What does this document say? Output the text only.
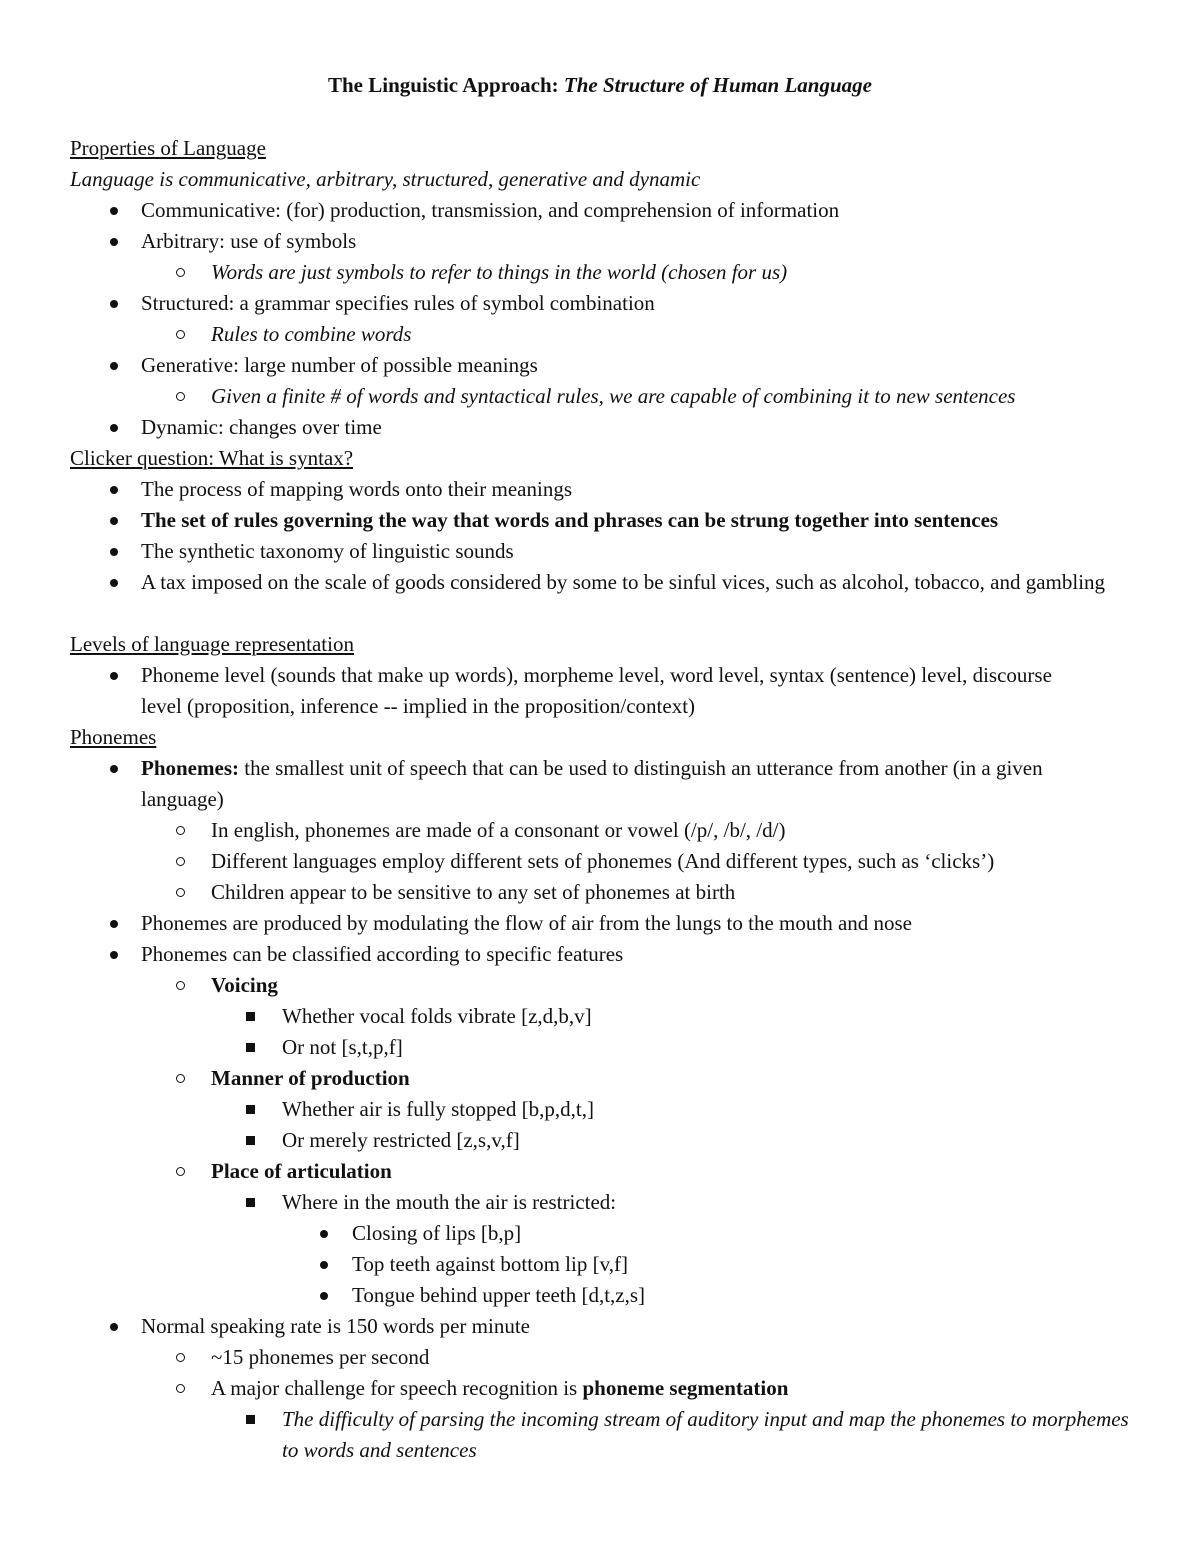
The Linguistic Approach: The Structure of Human Language
Properties of Language
Language is communicative, arbitrary, structured, generative and dynamic
Communicative: (for) production, transmission, and comprehension of information
Arbitrary: use of symbols
Words are just symbols to refer to things in the world (chosen for us)
Structured: a grammar specifies rules of symbol combination
Rules to combine words
Generative: large number of possible meanings
Given a finite # of words and syntactical rules, we are capable of combining it to new sentences
Dynamic: changes over time
Clicker question: What is syntax?
The process of mapping words onto their meanings
The set of rules governing the way that words and phrases can be strung together into sentences
The synthetic taxonomy of linguistic sounds
A tax imposed on the scale of goods considered by some to be sinful vices, such as alcohol, tobacco, and gambling
Levels of language representation
Phoneme level (sounds that make up words), morpheme level, word level, syntax (sentence) level, discourse level (proposition, inference -- implied in the proposition/context)
Phonemes
Phonemes: the smallest unit of speech that can be used to distinguish an utterance from another (in a given language)
In english, phonemes are made of a consonant or vowel (/p/, /b/, /d/)
Different languages employ different sets of phonemes (And different types, such as ‘clicks’)
Children appear to be sensitive to any set of phonemes at birth
Phonemes are produced by modulating the flow of air from the lungs to the mouth and nose
Phonemes can be classified according to specific features
Voicing
Whether vocal folds vibrate [z,d,b,v]
Or not [s,t,p,f]
Manner of production
Whether air is fully stopped [b,p,d,t,]
Or merely restricted [z,s,v,f]
Place of articulation
Where in the mouth the air is restricted:
Closing of lips [b,p]
Top teeth against bottom lip [v,f]
Tongue behind upper teeth [d,t,z,s]
Normal speaking rate is 150 words per minute
~15 phonemes per second
A major challenge for speech recognition is phoneme segmentation
The difficulty of parsing the incoming stream of auditory input and map the phonemes to morphemes to words and sentences
